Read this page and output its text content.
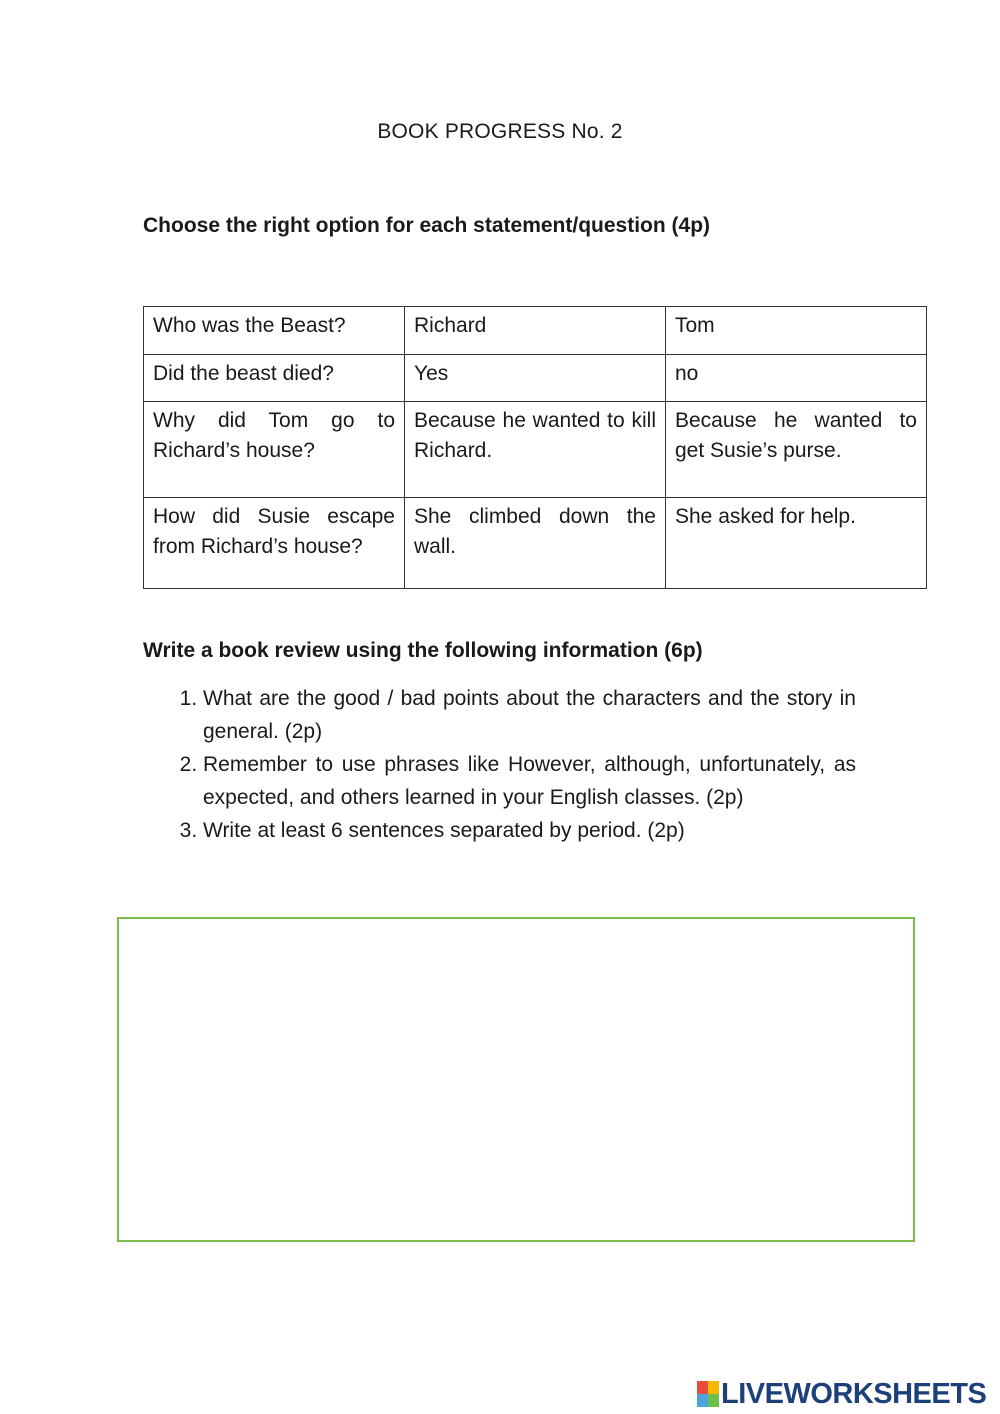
BOOK PROGRESS No. 2
Choose the right option for each statement/question (4p)
Who was the Beast?	Richard	Tom
Did the beast died?	Yes	no
Why did Tom go to Richard’s house?	Because he wanted to kill Richard.	Because he wanted to get Susie’s purse.
How did Susie escape from Richard’s house?	She climbed down the wall.	She asked for help.
Write a book review using the following information (6p)
1. What are the good / bad points about the characters and the story in general. (2p)
2. Remember to use phrases like However, although, unfortunately, as expected, and others learned in your English classes. (2p)
3. Write at least 6 sentences separated by period. (2p)
LIVEWORKSHEETS
